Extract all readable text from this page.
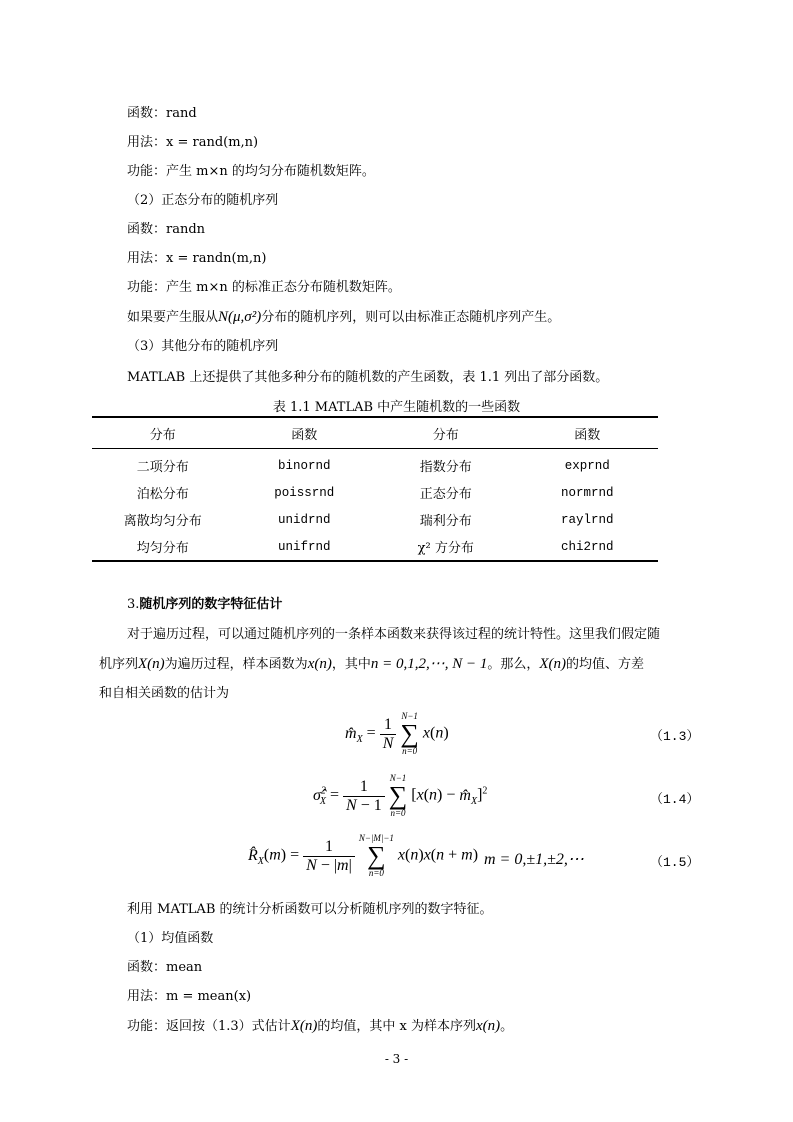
函数：rand
用法：x = rand(m,n)
功能：产生 m×n 的均匀分布随机数矩阵。
（2）正态分布的随机序列
函数：randn
用法：x = randn(m,n)
功能：产生 m×n 的标准正态分布随机数矩阵。
如果要产生服从N(μ,σ²)分布的随机序列，则可以由标准正态随机序列产生。
（3）其他分布的随机序列
MATLAB 上还提供了其他多种分布的随机数的产生函数，表 1.1 列出了部分函数。
表 1.1 MATLAB 中产生随机数的一些函数
分布	函数	分布	函数
二项分布	binornd	指数分布	exprnd
泊松分布	poissrnd	正态分布	normrnd
离散均匀分布	unidrnd	瑞利分布	raylrnd
均匀分布	unifrnd	χ² 方分布	chi2rnd
3.随机序列的数字特征估计
对于遍历过程，可以通过随机序列的一条样本函数来获得该过程的统计特性。这里我们假定随
机序列X(n)为遍历过程，样本函数为x(n)，其中n = 0,1,2,⋯, N − 1。那么，X(n)的均值、方差
和自相关函数的估计为
$m̂_X = \frac{1}{N}$
N−1
∑
n=0
x(n)	（1.3）
σ̂$^2_X$ = $\frac{1}{N - 1}$
N−1
∑
n=0
$[x(n) - m̂_X]^2$
（1.4）
$R̂_X(m) = \frac{1}{N - |m|}$
N−|M|−1
∑
n=0
x(n)x(n + m) m = 0,±1,±2,⋯	（1.5）
利用 MATLAB 的统计分析函数可以分析随机序列的数字特征。
（1）均值函数
函数：mean
用法：m = mean(x)
功能：返回按（1.3）式估计X(n)的均值，其中 x 为样本序列x(n)。
- 3 -
